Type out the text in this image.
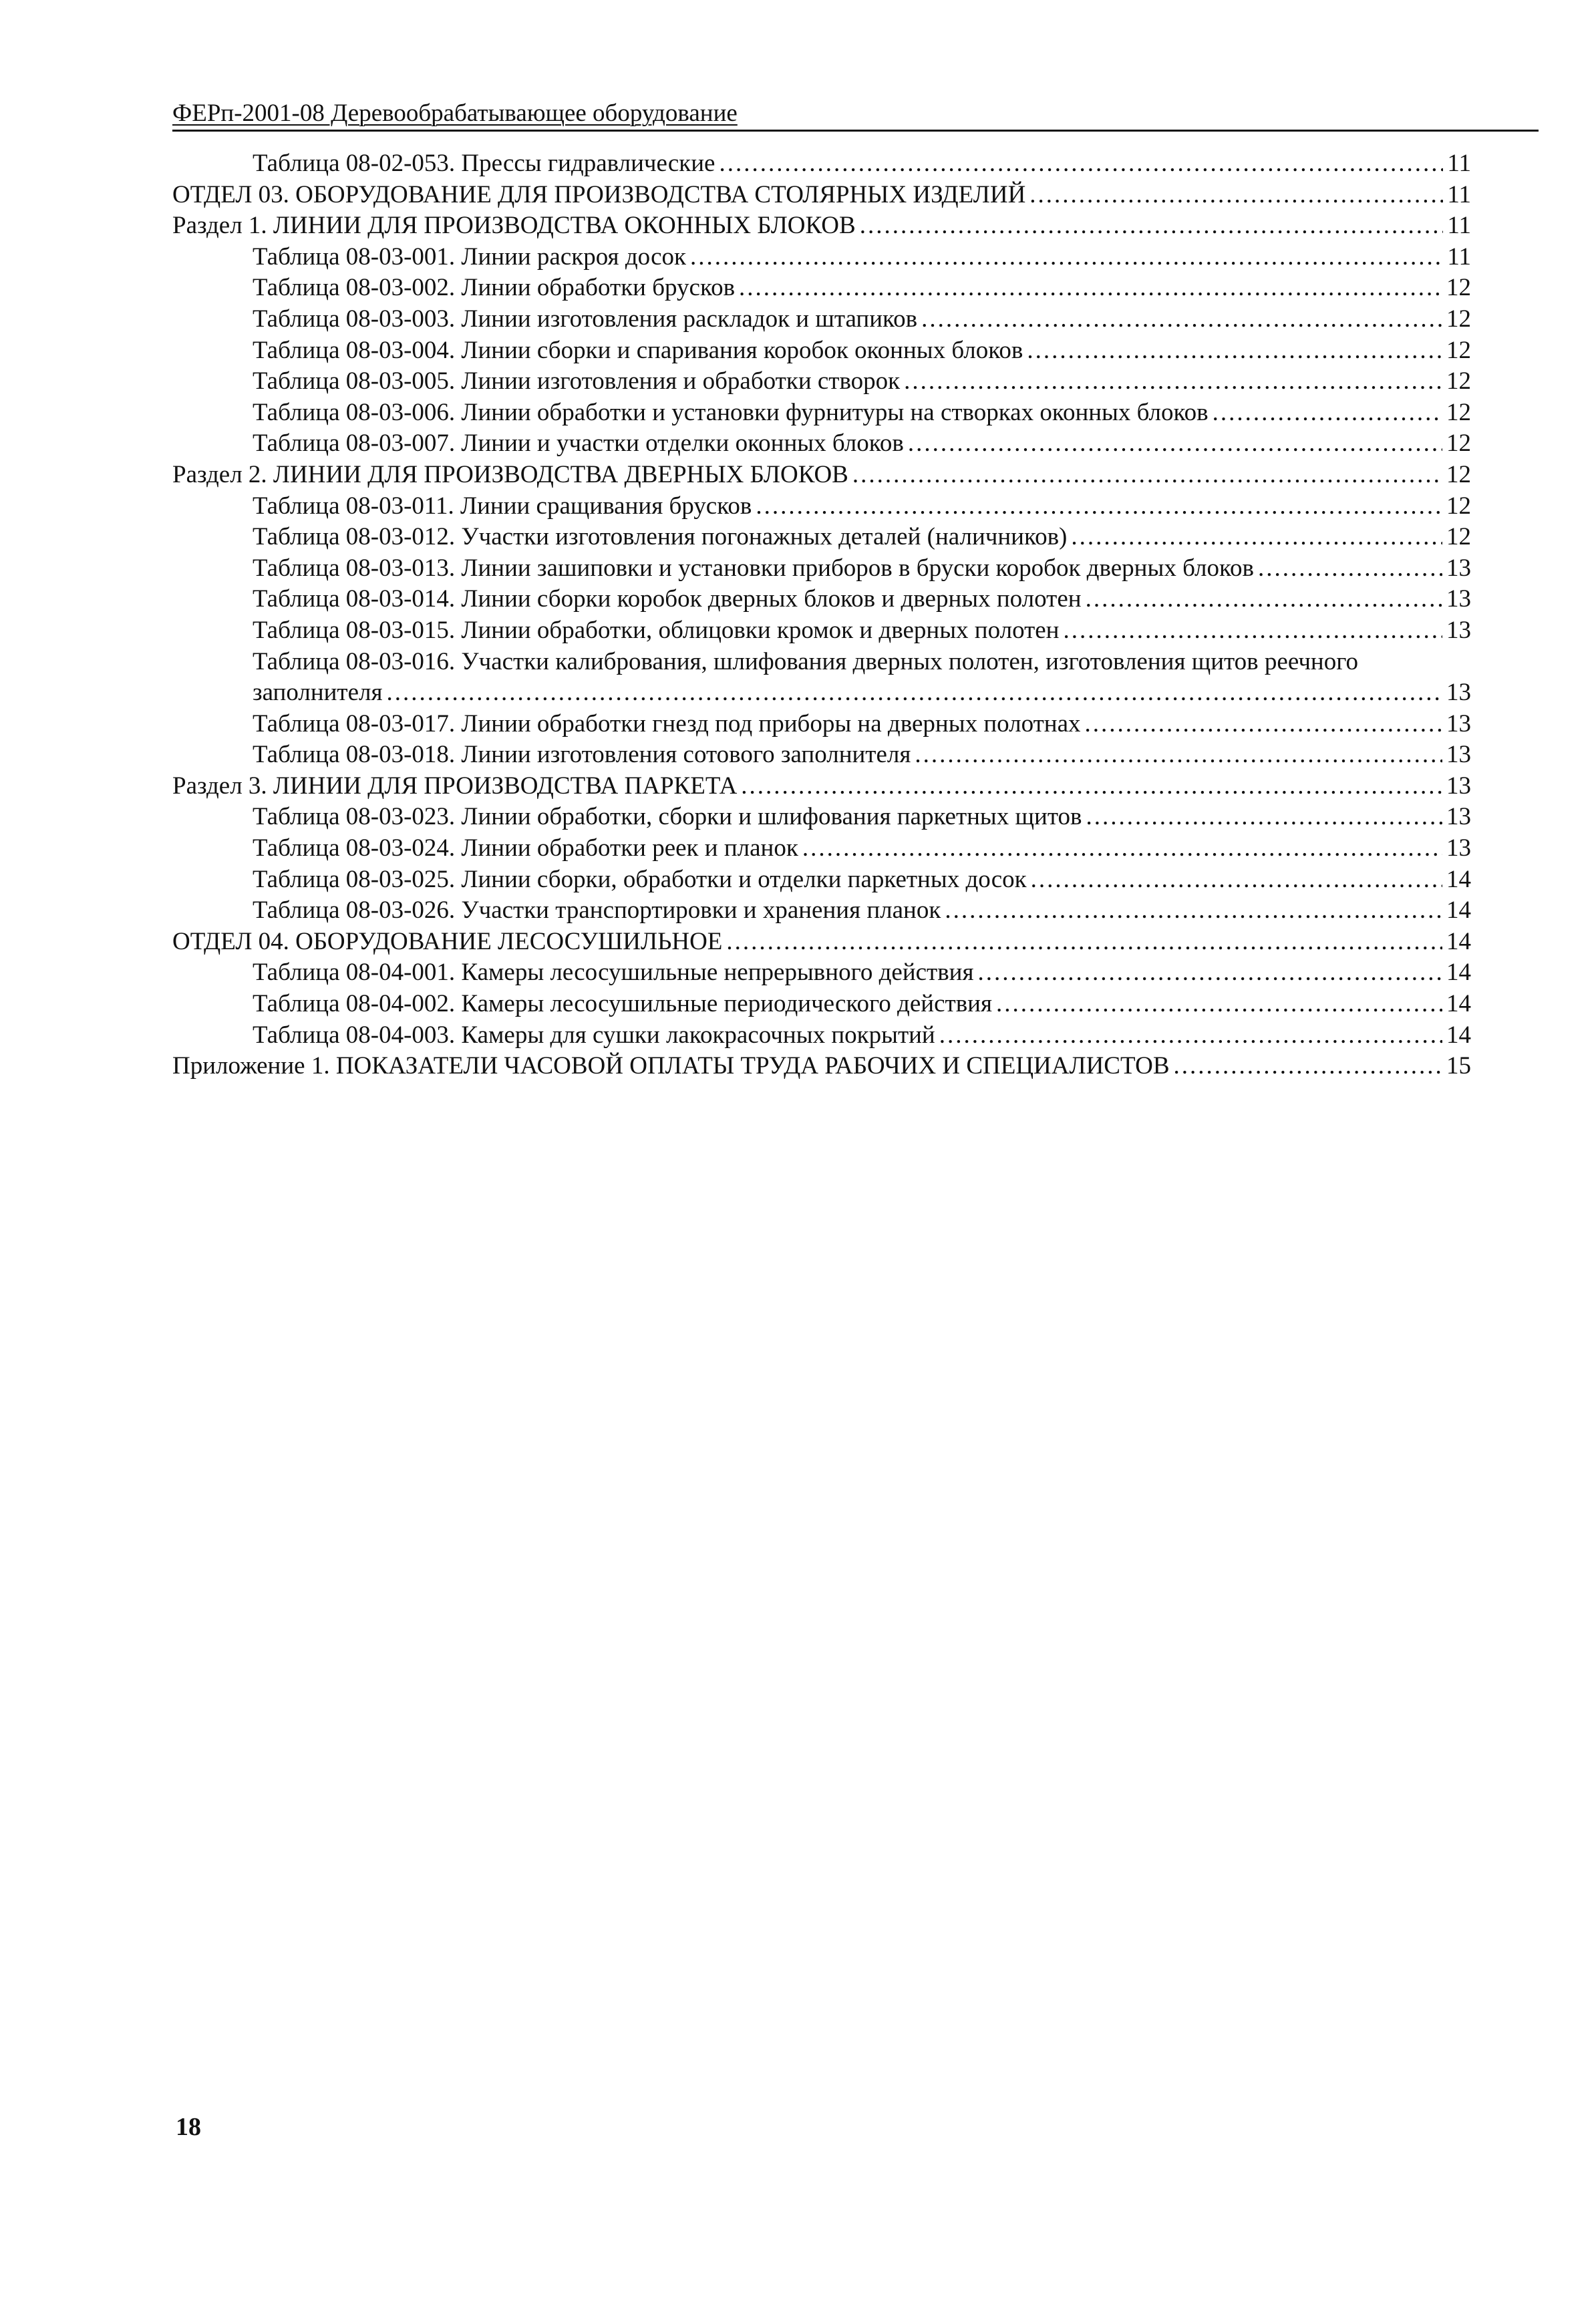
ФЕРп-2001-08 Деревообрабатывающее оборудование
Таблица 08-02-053. Прессы гидравлические .....	11
ОТДЕЛ 03. ОБОРУДОВАНИЕ ДЛЯ ПРОИЗВОДСТВА СТОЛЯРНЫХ ИЗДЕЛИЙ .....	11
Раздел 1. ЛИНИИ ДЛЯ ПРОИЗВОДСТВА ОКОННЫХ БЛОКОВ .....	11
Таблица 08-03-001. Линии раскроя досок .....	11
Таблица 08-03-002. Линии обработки брусков .....	12
Таблица 08-03-003. Линии изготовления раскладок и штапиков .....	12
Таблица 08-03-004. Линии сборки и спаривания коробок оконных блоков .....	12
Таблица 08-03-005. Линии изготовления и обработки створок .....	12
Таблица 08-03-006. Линии обработки и установки фурнитуры на створках оконных блоков .....	12
Таблица 08-03-007. Линии и участки отделки оконных блоков .....	12
Раздел 2. ЛИНИИ ДЛЯ ПРОИЗВОДСТВА ДВЕРНЫХ БЛОКОВ .....	12
Таблица 08-03-011. Линии сращивания брусков .....	12
Таблица 08-03-012. Участки изготовления погонажных деталей (наличников) .....	12
Таблица 08-03-013. Линии зашиповки и установки приборов в бруски коробок дверных блоков .....	13
Таблица 08-03-014. Линии сборки коробок дверных блоков и дверных полотен .....	13
Таблица 08-03-015. Линии обработки, облицовки кромок и дверных полотен .....	13
Таблица 08-03-016. Участки калибрования, шлифования дверных полотен, изготовления щитов реечного
заполнителя .....	13
Таблица 08-03-017. Линии обработки гнезд под приборы на дверных полотнах .....	13
Таблица 08-03-018. Линии изготовления сотового заполнителя .....	13
Раздел 3. ЛИНИИ ДЛЯ ПРОИЗВОДСТВА ПАРКЕТА .....	13
Таблица 08-03-023. Линии обработки, сборки и шлифования паркетных щитов .....	13
Таблица 08-03-024. Линии обработки реек и планок .....	13
Таблица 08-03-025. Линии сборки, обработки и отделки паркетных досок .....	14
Таблица 08-03-026. Участки транспортировки и хранения планок .....	14
ОТДЕЛ 04. ОБОРУДОВАНИЕ ЛЕСОСУШИЛЬНОЕ .....	14
Таблица 08-04-001. Камеры лесосушильные непрерывного действия .....	14
Таблица 08-04-002. Камеры лесосушильные периодического действия .....	14
Таблица 08-04-003. Камеры для сушки лакокрасочных покрытий .....	14
Приложение 1. ПОКАЗАТЕЛИ ЧАСОВОЙ ОПЛАТЫ ТРУДА РАБОЧИХ И СПЕЦИАЛИСТОВ .....	15
18
